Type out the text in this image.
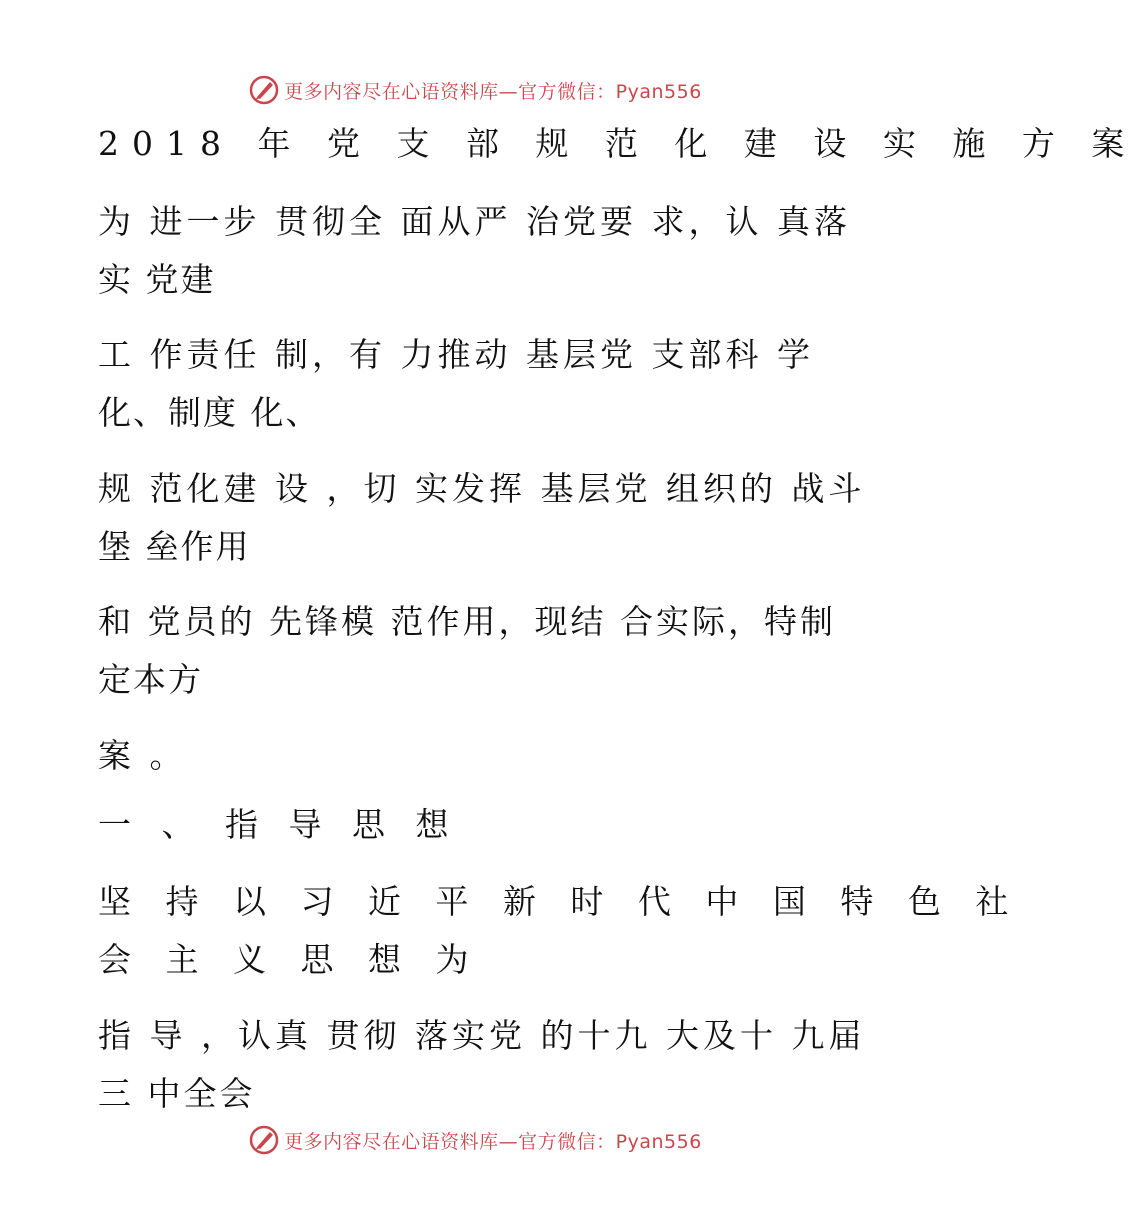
更多内容尽在心语资料库—官方微信：Pyan556
2018 年 党 支 部 规 范 化 建 设 实 施 方 案
为 进一步 贯彻全 面从严 治党要 求，认 真落
实 党建
工 作责任 制，有 力推动 基层党 支部科 学
化、制度 化、
规 范化建 设 ，切 实发挥 基层党 组织的 战斗
堡 垒作用
和 党员的 先锋模 范作用，现结 合实际，特制
定本方
案 。
一 、 指 导 思 想
坚 持 以 习 近 平 新 时 代 中 国 特 色 社
会 主 义 思 想 为
指 导 ，认真 贯彻 落实党 的十九 大及十 九届
三 中全会
更多内容尽在心语资料库—官方微信：Pyan556
